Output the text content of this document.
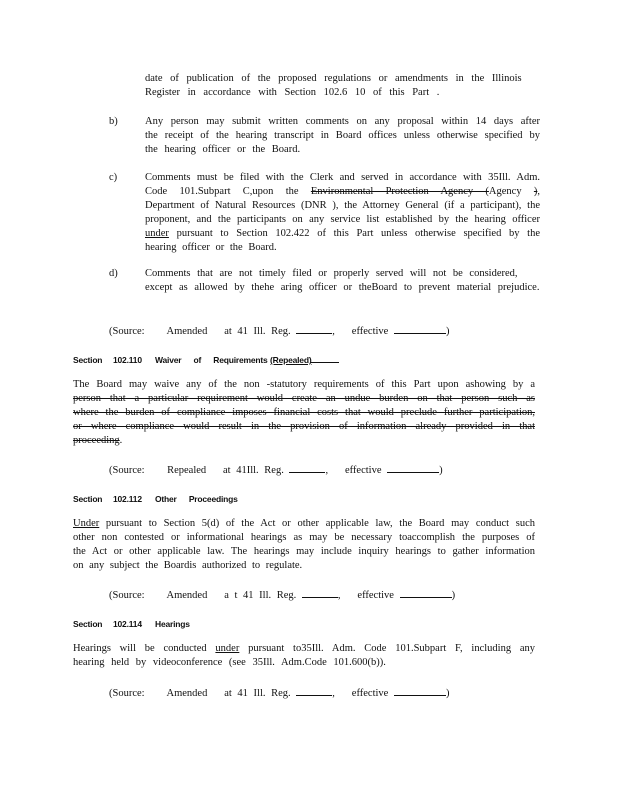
date of publication of the proposed regulations or amendments in the Illinois
Register in accordance with Section 102.6 10 of this Part .
b)	Any person may submit written comments on any proposal within 14 days after the receipt of the hearing transcript in Board offices unless otherwise specified by the hearing officer or the Board.
c)	Comments must be filed with the Clerk and served in accordance with 35Ill. Adm. Code 101.Subpart C,upon the Environmental Protection Agency (Agency ), Department of Natural Resources (DNR ), the Attorney General (if a participant), the proponent, and the participants on any service list established by the hearing officer under pursuant to Section 102.422 of this Part unless otherwise specified by the hearing officer or the Board.
d)	Comments that are not timely filed or properly served will not be considered, except as allowed by thehe aring officer or theBoard to prevent material prejudice.
(Source: Amended at 41 Ill. Reg.	,   effective	)
Section 102.110 Waiver of Requirements (Repealed)
The Board may waive any of the non -statutory requirements of this Part upon ashowing by a person that a particular requirement would create an undue burden on that person such as where the burden of compliance imposes financial costs that would preclude further participation, or where compliance would result in the provision of information already provided in that proceeding.
(Source: Repealed at 41Ill. Reg.	,   effective	)
Section 102.112 Other Proceedings
Under pursuant to Section 5(d) of the Act or other applicable law, the Board may conduct such other non contested or informational hearings as may be necessary toaccomplish the purposes of the Act or other applicable law. The hearings may include inquiry hearings to gather information on any subject the Boardis authorized to regulate.
(Source: Amended a t 41 Ill. Reg.	,   effective	)
Section 102.114 Hearings
Hearings will be conducted under pursuant to35Ill. Adm. Code 101.Subpart F, including any hearing held by videoconference (see 35Ill. Adm.Code 101.600(b)).
(Source: Amended at 41 Ill. Reg.	,   effective	)
